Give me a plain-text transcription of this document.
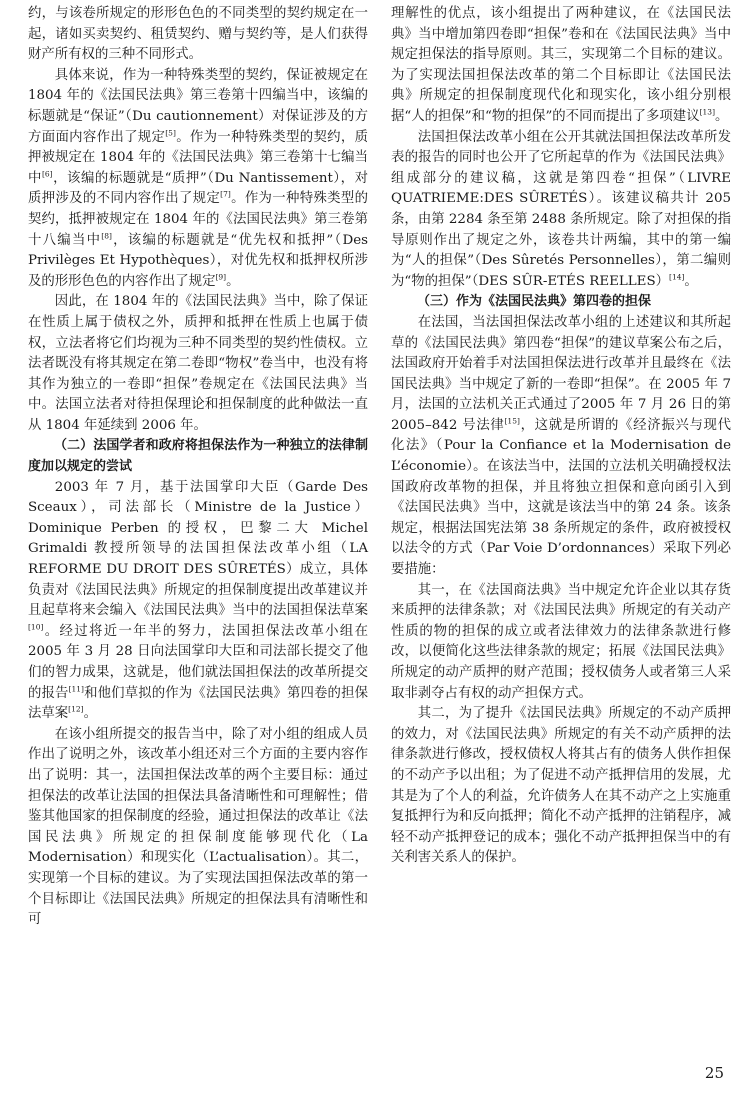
约，与该卷所规定的形形色色的不同类型的契约规定在一起，诸如买卖契约、租赁契约、赠与契约等，是人们获得财产所有权的三种不同形式。

具体来说，作为一种特殊类型的契约，保证被规定在 1804 年的《法国民法典》第三卷第十四编当中，该编的标题就是“保证”（Du cautionnement）对保证涉及的方方面面内容作出了规定[5]。作为一种特殊类型的契约，质押被规定在 1804 年的《法国民法典》第三卷第十七编当中[6]，该编的标题就是“质押”（Du Nantissement），对质押涉及的不同内容作出了规定[7]。作为一种特殊类型的契约，抵押被规定在 1804 年的《法国民法典》第三卷第十八编当中[8]，该编的标题就是“优先权和抵押”（Des Privilèges Et Hypothèques），对优先权和抵押权所涉及的形形色色的内容作出了规定[9]。

因此，在 1804 年的《法国民法典》当中，除了保证在性质上属于债权之外，质押和抵押在性质上也属于债权，立法者将它们均视为三种不同类型的契约性债权。立法者既没有将其规定在第二卷即“物权”卷当中，也没有将其作为独立的一卷即“担保”卷规定在《法国民法典》当中。法国立法者对待担保理论和担保制度的此种做法一直从 1804 年延续到 2006 年。

（二）法国学者和政府将担保法作为一种独立的法律制度加以规定的尝试

2003 年 7 月，基于法国掌印大臣（Garde Des Sceaux），司法部长（Ministre de la Justice）Dominique Perben 的授权，巴黎二大 Michel Grimaldi 教授所领导的法国担保法改革小组（LA REFORME DU DROIT DES SÛRETÉS）成立，具体负责对《法国民法典》所规定的担保制度提出改革建议并且起草将来会编入《法国民法典》当中的法国担保法草案[10]。经过将近一年半的努力，法国担保法改革小组在 2005 年 3 月 28 日向法国掌印大臣和司法部长提交了他们的智力成果，这就是，他们就法国担保法的改革所提交的报告[11]和他们草拟的作为《法国民法典》第四卷的担保法草案[12]。

在该小组所提交的报告当中，除了对小组的组成人员作出了说明之外，该改革小组还对三个方面的主要内容作出了说明：其一，法国担保法改革的两个主要目标：通过担保法的改革让法国的担保法具备清晰性和可理解性；借鉴其他国家的担保制度的经验，通过担保法的改革让《法国民法典》所规定的担保制度能够现代化（La Modernisation）和现实化（L’actualisation）。其二，实现第一个目标的建议。为了实现法国担保法改革的第一个目标即让《法国民法典》所规定的担保法具有清晰性和可

理解性的优点，该小组提出了两种建议，在《法国民法典》当中增加第四卷即“担保”卷和在《法国民法典》当中规定担保法的指导原则。其三，实现第二个目标的建议。为了实现法国担保法改革的第二个目标即让《法国民法典》所规定的担保制度现代化和现实化，该小组分别根据“人的担保”和“物的担保”的不同而提出了多项建议[13]。

法国担保法改革小组在公开其就法国担保法改革所发表的报告的同时也公开了它所起草的作为《法国民法典》组成部分的建议稿，这就是第四卷“担保”（LIVRE QUATRIEME:DES SÛRETÉS）。该建议稿共计 205 条，由第 2284 条至第 2488 条所规定。除了对担保的指导原则作出了规定之外，该卷共计两编，其中的第一编为“人的担保”（Des Sûretés Personnelles），第二编则为“物的担保”（DES SÛR-ETÉS REELLES）[14]。

（三）作为《法国民法典》第四卷的担保

在法国，当法国担保法改革小组的上述建议和其所起草的《法国民法典》第四卷“担保”的建议草案公布之后，法国政府开始着手对法国担保法进行改革并且最终在《法国民法典》当中规定了新的一卷即“担保”。在 2005 年 7 月，法国的立法机关正式通过了2005 年 7 月 26 日的第 2005–842 号法律[15]，这就是所谓的《经济振兴与现代化法》（Pour la Confiance et la Modernisation de L’économie）。在该法当中，法国的立法机关明确授权法国政府改革物的担保，并且将独立担保和意向函引入到《法国民法典》当中，这就是该法当中的第 24 条。该条规定，根据法国宪法第 38 条所规定的条件，政府被授权以法令的方式（Par Voie D’ordonnances）采取下列必要措施：

其一，在《法国商法典》当中规定允许企业以其存货来质押的法律条款；对《法国民法典》所规定的有关动产性质的物的担保的成立或者法律效力的法律条款进行修改，以便简化这些法律条款的规定；拓展《法国民法典》所规定的动产质押的财产范围；授权债务人或者第三人采取非剥夺占有权的动产担保方式。

其二，为了提升《法国民法典》所规定的不动产质押的效力，对《法国民法典》所规定的有关不动产质押的法律条款进行修改，授权债权人将其占有的债务人供作担保的不动产予以出租；为了促进不动产抵押信用的发展，尤其是为了个人的利益，允许债务人在其不动产之上实施重复抵押行为和反向抵押；简化不动产抵押的注销程序，减轻不动产抵押登记的成本；强化不动产抵押担保当中的有关利害关系人的保护。

25
